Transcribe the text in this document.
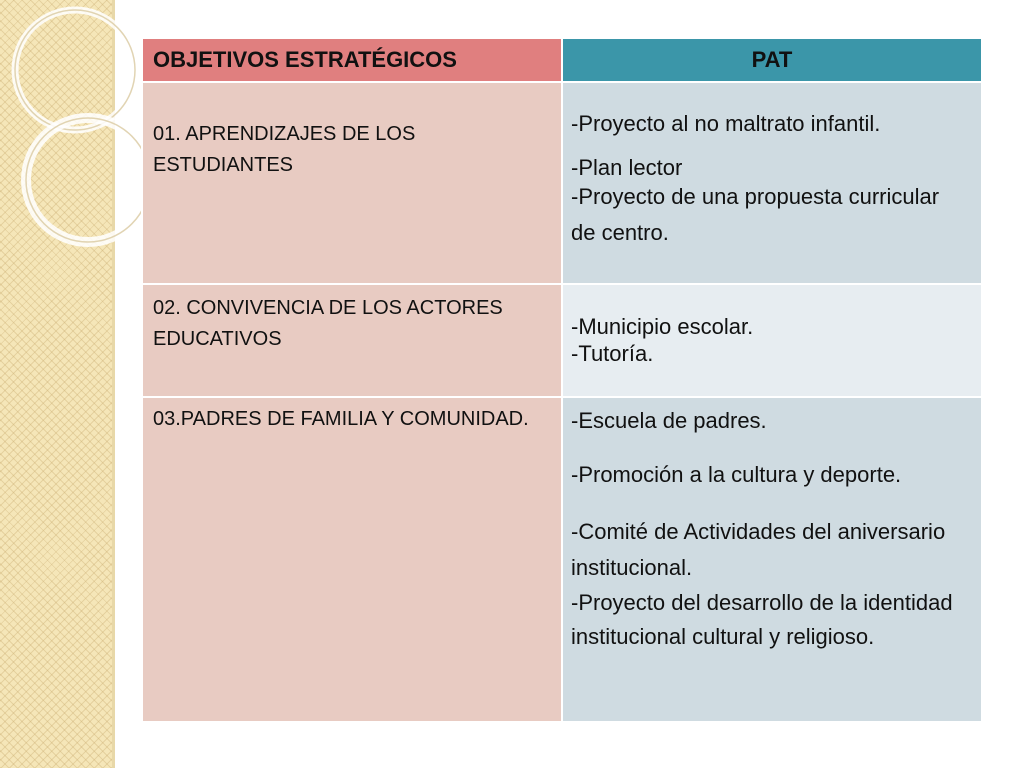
OBJETIVOS ESTRATÉGICOS	PAT
01. APRENDIZAJES DE LOS ESTUDIANTES	-Proyecto al no maltrato infantil.
-Plan lector
-Proyecto de una propuesta curricular de centro.

02. CONVIVENCIA DE LOS ACTORES EDUCATIVOS	-Municipio escolar.
-Tutoría.

03.PADRES DE FAMILIA Y COMUNIDAD.	-Escuela de padres.
-Promoción a la cultura y deporte.
-Comité de Actividades del aniversario institucional.
-Proyecto del desarrollo de la identidad institucional cultural y religioso.
